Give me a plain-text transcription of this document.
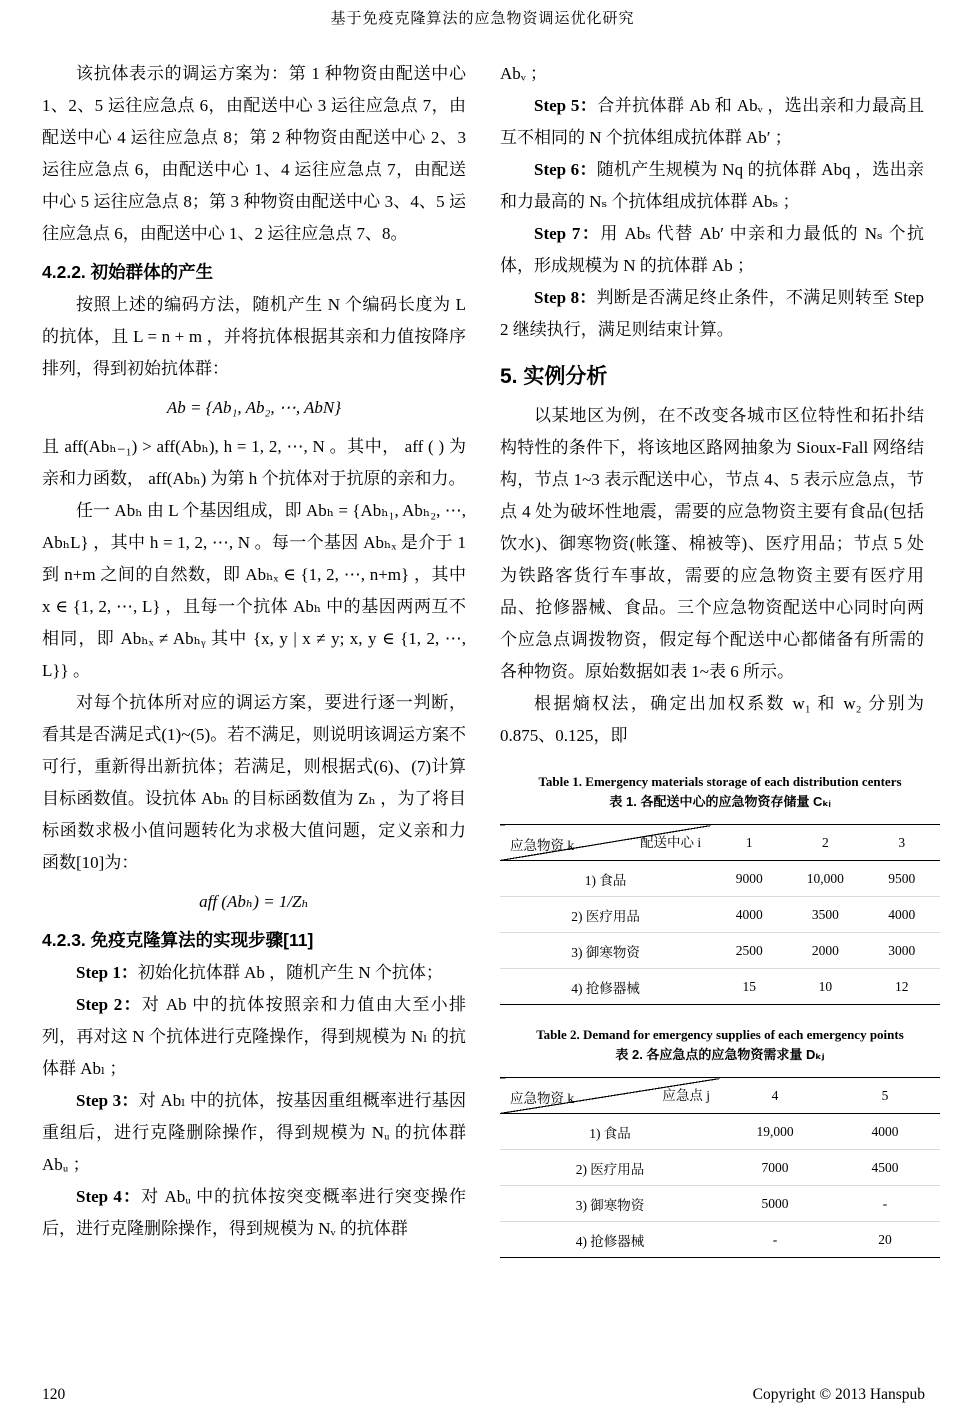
基于免疫克隆算法的应急物资调运优化研究

该抗体表示的调运方案为：第 1 种物资由配送中心 1、2、5 运往应急点 6，由配送中心 3 运往应急点 7，由配送中心 4 运往应急点 8；第 2 种物资由配送中心 2、3 运往应急点 6，由配送中心 1、4 运往应急点 7，由配送中心 5 运往应急点 8；第 3 种物资由配送中心 3、4、5 运往应急点 6，由配送中心 1、2 运往应急点 7、8。

4.2.2. 初始群体的产生

按照上述的编码方法，随机产生 N 个编码长度为 L 的抗体，且 L = n + m ，并将抗体根据其亲和力值按降序排列，得到初始抗体群：

Ab = {Ab₁, Ab₂, ⋯, AbN}

且 aff(Abₕ₋₁) > aff(Abₕ), h = 1, 2, ⋯, N 。其中， aff ( ) 为亲和力函数， aff(Abₕ) 为第 h 个抗体对于抗原的亲和力。

任一 Abₕ 由 L 个基因组成，即 Abₕ = {Abₕ₁, Abₕ₂, ⋯, AbₕL} ，其中 h = 1, 2, ⋯, N 。每一个基因 Abₕₓ 是介于 1 到 n+m 之间的自然数，即 Abₕₓ ∈ {1, 2, ⋯, n+m} ，其中 x ∈ {1, 2, ⋯, L} ，且每一个抗体 Abₕ 中的基因两两互不相同，即 Abₕₓ ≠ Abₕᵧ 其中 {x, y | x ≠ y; x, y ∈ {1, 2, ⋯, L}} 。

对每个抗体所对应的调运方案，要进行逐一判断，看其是否满足式(1)~(5)。若不满足，则说明该调运方案不可行，重新得出新抗体；若满足，则根据式(6)、(7)计算目标函数值。设抗体 Abₕ 的目标函数值为 Zₕ ，为了将目标函数求极小值问题转化为求极大值问题，定义亲和力函数[10]为：

aff (Abₕ) = 1/Zₕ
4.2.3. 免疫克隆算法的实现步骤[11]

Step 1：初始化抗体群 Ab ，随机产生 N 个抗体；

Step 2：对 Ab 中的抗体按照亲和力值由大至小排列，再对这 N 个抗体进行克隆操作，得到规模为 Nₗ 的抗体群 Abₗ ；

Step 3：对 Abₗ 中的抗体，按基因重组概率进行基因重组后，进行克隆删除操作，得到规模为 Nᵤ 的抗体群 Abᵤ ；

Step 4：对 Abᵤ 中的抗体按突变概率进行突变操作后，进行克隆删除操作，得到规模为 Nᵥ 的抗体群

Abᵥ ；

Step 5：合并抗体群 Ab 和 Abᵥ ，选出亲和力最高且互不相同的 N 个抗体组成抗体群 Ab′ ；

Step 6：随机产生规模为 Nq 的抗体群 Abq ，选出亲和力最高的 Nₛ 个抗体组成抗体群 Abₛ ；

Step 7：用 Abₛ 代替 Ab′ 中亲和力最低的 Nₛ 个抗体，形成规模为 N 的抗体群 Ab ；

Step 8：判断是否满足终止条件，不满足则转至 Step 2 继续执行，满足则结束计算。

5. 实例分析

以某地区为例，在不改变各城市区位特性和拓扑结构特性的条件下，将该地区路网抽象为 Sioux-Fall 网络结构，节点 1~3 表示配送中心，节点 4、5 表示应急点，节点 4 处为破坏性地震，需要的应急物资主要有食品(包括饮水)、御寒物资(帐篷、棉被等)、医疗用品；节点 5 处为铁路客货行车事故，需要的应急物资主要有医疗用品、抢修器械、食品。三个应急物资配送中心同时向两个应急点调拨物资，假定每个配送中心都储备有所需的各种物资。原始数据如表 1~表 6 所示。

根据熵权法，确定出加权系数 w₁ 和 w₂ 分别为 0.875、0.125，即

Table 1. Emergency materials storage of each distribution centers
表 1. 各配送中心的应急物资存储量 Cₖᵢ
配送中心 i
应急物资 k	1	2	3
1) 食品	9000	10,000	9500
2) 医疗用品	4000	3500	4000
3) 御寒物资	2500	2000	3000
4) 抢修器械	15	10	12
Table 2. Demand for emergency supplies of each emergency points
表 2. 各应急点的应急物资需求量 Dₖⱼ
应急点 j
应急物资 k	4	5
1) 食品	19,000	4000
2) 医疗用品	7000	4500
3) 御寒物资	5000	-
4) 抢修器械	-	20
120	Copyright © 2013 Hanspub
